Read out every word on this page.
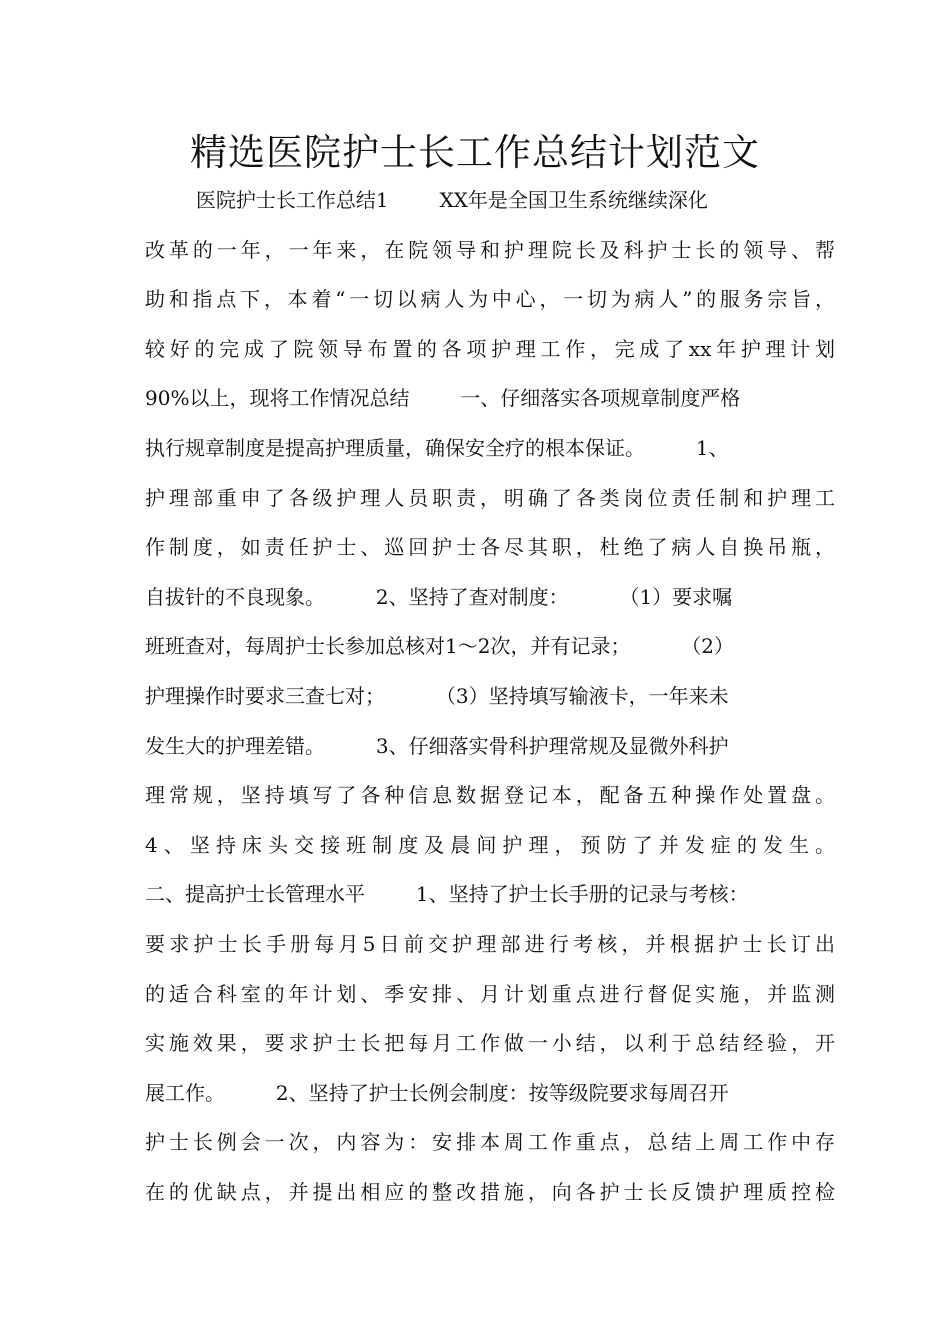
精选医院护士长工作总结计划范文
医院护士长工作总结1        XX年是全国卫生系统继续深化
改革的一年，一年来，在院领导和护理院长及科护士长的领导、帮
助和指点下，本着“一切以病人为中心，一切为病人”的服务宗旨，
较好的完成了院领导布置的各项护理工作，完成了xx年护理计划
90%以上，现将工作情况总结        一、仔细落实各项规章制度严格
执行规章制度是提高护理质量，确保安全疗的根本保证。        1、
护理部重申了各级护理人员职责，明确了各类岗位责任制和护理工
作制度，如责任护士、巡回护士各尽其职，杜绝了病人自换吊瓶，
自拔针的不良现象。        2、坚持了查对制度：        （1）要求嘱
班班查对，每周护士长参加总核对1～2次，并有记录；        （2）
护理操作时要求三查七对；        （3）坚持填写输液卡，一年来未
发生大的护理差错。        3、仔细落实骨科护理常规及显微外科护
理常规，坚持填写了各种信息数据登记本，配备五种操作处置盘。
4、坚持床头交接班制度及晨间护理，预防了并发症的发生。
二、提高护士长管理水平        1、坚持了护士长手册的记录与考核：
要求护士长手册每月5日前交护理部进行考核，并根据护士长订出
的适合科室的年计划、季安排、月计划重点进行督促实施，并监测
实施效果，要求护士长把每月工作做一小结，以利于总结经验，开
展工作。        2、坚持了护士长例会制度：按等级院要求每周召开
护士长例会一次，内容为：安排本周工作重点，总结上周工作中存
在的优缺点，并提出相应的整改措施，向各护士长反馈护理质控检
